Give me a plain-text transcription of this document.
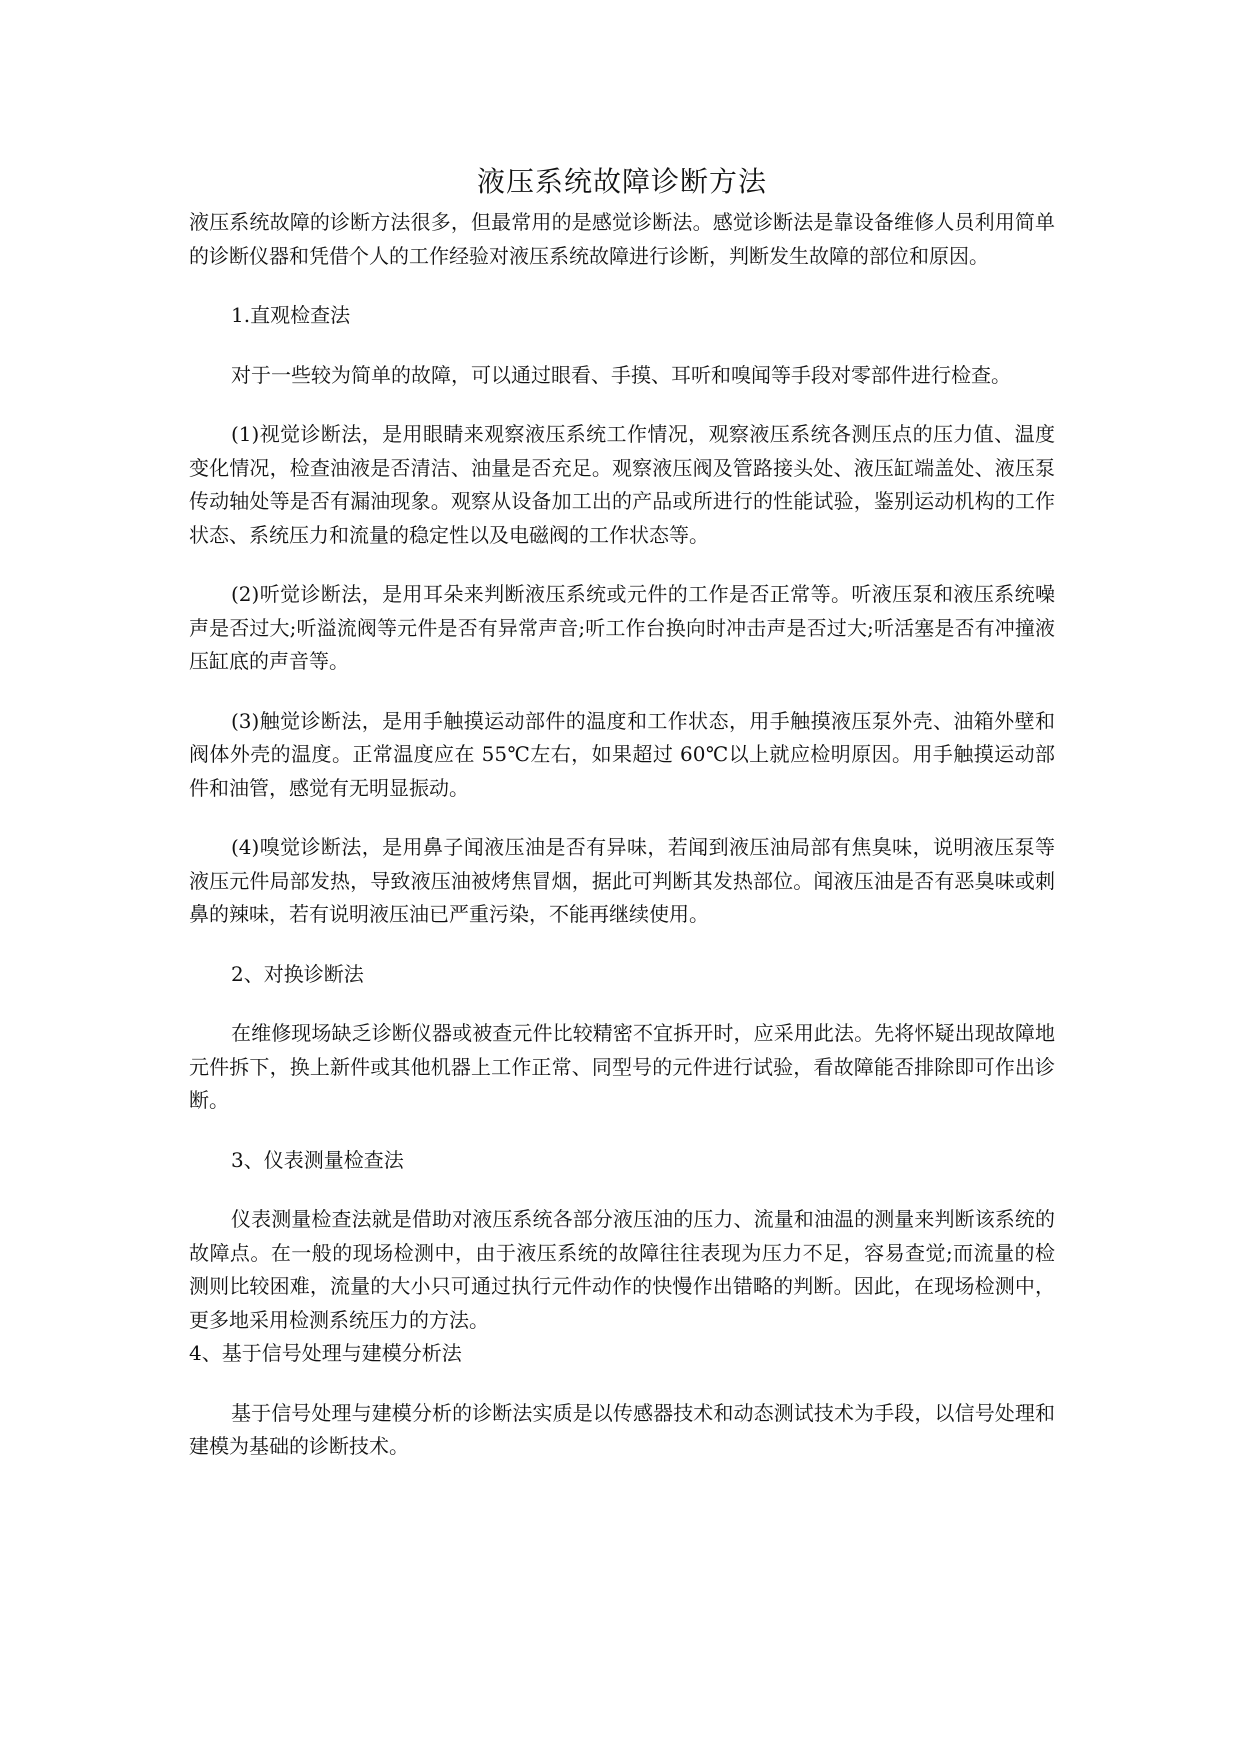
液压系统故障诊断方法

液压系统故障的诊断方法很多，但最常用的是感觉诊断法。感觉诊断法是靠设备维修人员利用简单的诊断仪器和凭借个人的工作经验对液压系统故障进行诊断，判断发生故障的部位和原因。

1.直观检查法

对于一些较为简单的故障，可以通过眼看、手摸、耳听和嗅闻等手段对零部件进行检查。

(1)视觉诊断法，是用眼睛来观察液压系统工作情况，观察液压系统各测压点的压力值、温度变化情况，检查油液是否清洁、油量是否充足。观察液压阀及管路接头处、液压缸端盖处、液压泵传动轴处等是否有漏油现象。观察从设备加工出的产品或所进行的性能试验，鉴别运动机构的工作状态、系统压力和流量的稳定性以及电磁阀的工作状态等。

(2)听觉诊断法，是用耳朵来判断液压系统或元件的工作是否正常等。听液压泵和液压系统噪声是否过大;听溢流阀等元件是否有异常声音;听工作台换向时冲击声是否过大;听活塞是否有冲撞液压缸底的声音等。

(3)触觉诊断法，是用手触摸运动部件的温度和工作状态，用手触摸液压泵外壳、油箱外壁和阀体外壳的温度。正常温度应在 55℃左右，如果超过 60℃以上就应检明原因。用手触摸运动部件和油管，感觉有无明显振动。

(4)嗅觉诊断法，是用鼻子闻液压油是否有异味，若闻到液压油局部有焦臭味，说明液压泵等液压元件局部发热，导致液压油被烤焦冒烟，据此可判断其发热部位。闻液压油是否有恶臭味或刺鼻的辣味，若有说明液压油已严重污染，不能再继续使用。

2、对换诊断法

在维修现场缺乏诊断仪器或被查元件比较精密不宜拆开时，应采用此法。先将怀疑出现故障地元件拆下，换上新件或其他机器上工作正常、同型号的元件进行试验，看故障能否排除即可作出诊断。

3、仪表测量检查法

仪表测量检查法就是借助对液压系统各部分液压油的压力、流量和油温的测量来判断该系统的故障点。在一般的现场检测中，由于液压系统的故障往往表现为压力不足，容易查觉;而流量的检测则比较困难，流量的大小只可通过执行元件动作的快慢作出错略的判断。因此，在现场检测中，更多地采用检测系统压力的方法。

4、基于信号处理与建模分析法

基于信号处理与建模分析的诊断法实质是以传感器技术和动态测试技术为手段，以信号处理和建模为基础的诊断技术。
